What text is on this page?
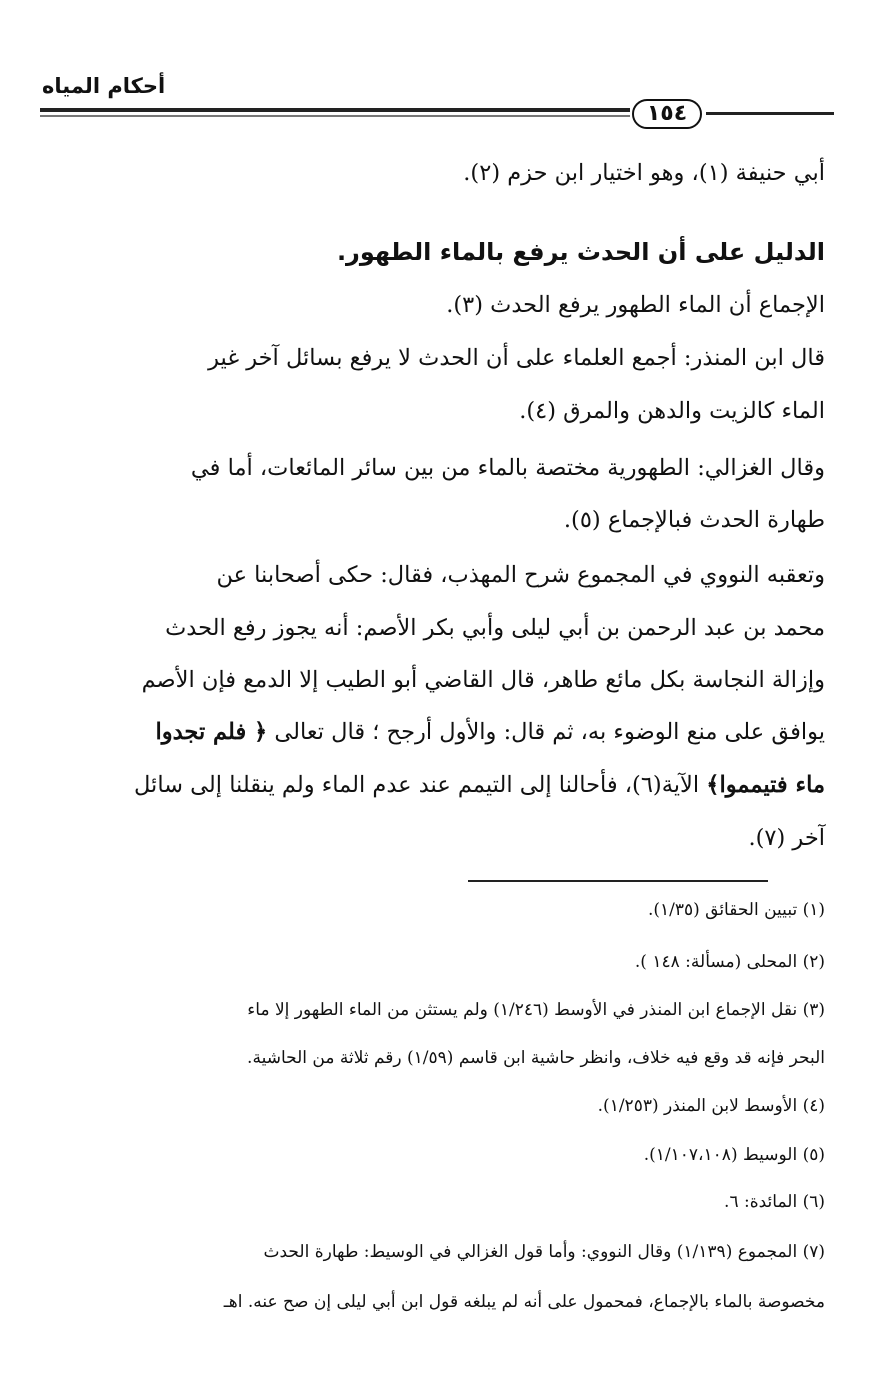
أحكام المياه
١٥٤
أبي حنيفة (١)، وهو اختيار ابن حزم (٢).
الدليل على أن الحدث يرفع بالماء الطهور.
الإجماع أن الماء الطهور يرفع الحدث (٣).
قال ابن المنذر: أجمع العلماء على أن الحدث لا يرفع بسائل آخر غير
الماء كالزيت والدهن والمرق (٤).
وقال الغزالي: الطهورية مختصة بالماء من بين سائر المائعات، أما في
طهارة الحدث فبالإجماع (٥).
وتعقبه النووي في المجموع شرح المهذب، فقال: حكى أصحابنا عن
محمد بن عبد الرحمن بن أبي ليلى وأبي بكر الأصم: أنه يجوز رفع الحدث
وإزالة النجاسة بكل مائع طاهر، قال القاضي أبو الطيب إلا الدمع فإن الأصم
يوافق على منع الوضوء به، ثم قال: والأول أرجح ؛ قال تعالى ﴿ فلم تجدوا
ماء فتيمموا﴾ الآية(٦)، فأحالنا إلى التيمم عند عدم الماء ولم ينقلنا إلى سائل
آخر (٧).
(١) تبيين الحقائق (١/٣٥).
(٢) المحلى (مسألة: ١٤٨ ).
(٣) نقل الإجماع ابن المنذر في الأوسط (١/٢٤٦) ولم يستثن من الماء الطهور إلا ماء
البحر فإنه قد وقع فيه خلاف، وانظر حاشية ابن قاسم (١/٥٩) رقم ثلاثة من الحاشية.
(٤) الأوسط لابن المنذر (١/٢٥٣).
(٥) الوسيط (١/١٠٧،١٠٨).
(٦) المائدة: ٦.
(٧) المجموع (١/١٣٩) وقال النووي: وأما قول الغزالي في الوسيط: طهارة الحدث
مخصوصة بالماء بالإجماع، فمحمول على أنه لم يبلغه قول ابن أبي ليلى إن صح عنه. اهـ
